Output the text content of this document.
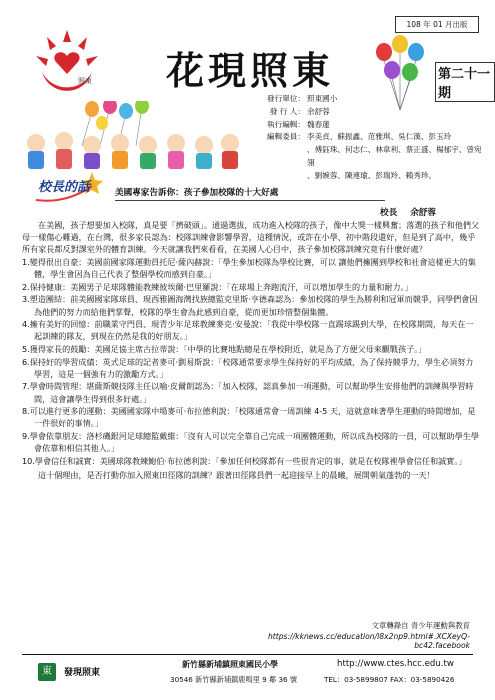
108 年 01 月出版
照東	花現照東	第二十一期
發行單位： 照東國小
發 行 人： 余舒蓉
執行編輯： 魏春蓮
編輯委員： 李美貞、蘇振鑫、范雅琪、吳仁漢、彭玉玲
、傅鈺珠、何志仁、林韋利、蔡正盛、楊郁宇、曾宛翎
、劉婉蓉、陳連瑜、彭瑞羚、賴秀珍。
校長的話	美國專家告訴你：孩子參加校隊的十大好處
校長 余舒蓉

在美國，孩子想要加入校隊，真是要「擠破頭」。通過選拔，成功進入校隊的孩子，像中大獎一樣興奮；落選的孩子和他們父母一樣傷心難過，在台灣，很多家長認為：校隊訓練會影響學習，這種情況，或許在小學、初中階段還好，但是到了高中，幾乎所有家長都反對課室外的體育訓練。今天就讓我們來看看，在美國人心目中，孩子參加校隊訓練究竟有什麼好處？

1.變得很出自豪：美國前國家隊運動員托尼·薩內赫說：「學生參加校隊為學校比賽，可以 讓他們擁團到學校和社會這樣更大的集體，學生會因為自己代表了整個學校而感到自豪。」

2.保持健康：美國男子足球隊體能教練彼埃爾·巴里羅說：「在球場上奔跑流汗，可以增加學生的力量和耐力。」

3.塑造團結：前美國國家隊球員、現西雅圖海灣找族總監克里斯·亨德森認為：參加校隊的學生為勝利和冠軍而競爭，同學們會因為他們的努力而給他們掌聲，校隊的學生會為此感到自豪，從而更加珍惜整個集體。

4.擁有美好的回憶：前職業守門員、現青少年足球教練麥克·安曼說：「我從中學校隊一直踢球踢到大學，在校隊期間，每天在一起訓練的隊友，到現在仍然是我的好朋友。」

5.獲得家長的鼓勵：美國足協主席古拉蒂說：「中學的比賽地點總是在學校附近，就是為了方便父母來觀戰孩子。」

6.保持好的學習成績：英式足球的記者麥可·劉易斯說：「校隊通常要求學生保持好的平均成績，為了保持競爭力，學生必須努力學習，這是一個強有力的激勵方式。」

7.學會時間管理：堪薩斯競技隊主任以喻·皮爾朗認為：「加入校隊，認真參加一項運動，可以幫助學生安排他們的訓練與學習時間，這會讓學生得到很多好處。」

8.可以進行更多的運動：美國國家隊中場麥可·布拉德利說：「校隊通常會一周訓練 4-5 天，這就意味著學生運動的時間增加，是一件很好的事情。」

9.學會依靠朋友：洛杉磯銀河足球總監戴維：「沒有人可以完全靠自己完成一項團體運動，所以成為校隊的一員，可以幫助學生學會依靠和相信其他人。」

10.學會信任和誠實：美國球隊教練鮑伯·布拉德利說：「參加任何校隊都有一些很肯定的事，就是在校隊裡學會信任和誠實。」

這十個理由，是否打動你加入照東田徑隊的訓練？跟著田徑隊員們一起迎接早上的晨曦，展開朝氣蓬勃的一天！

文章轉錄自 青少年運動與教育
https://kknews.cc/education/l8x2np9.html#.XCXeyQ-bc42.facebook
東	發現照東
新竹縣新埔鎮照東國民小學
30546 新竹縣新埔鎮鹿鳴里 9 鄰 36 號
http://www.ctes.hcc.edu.tw
TEL：03-5899807 FAX：03-5890426
